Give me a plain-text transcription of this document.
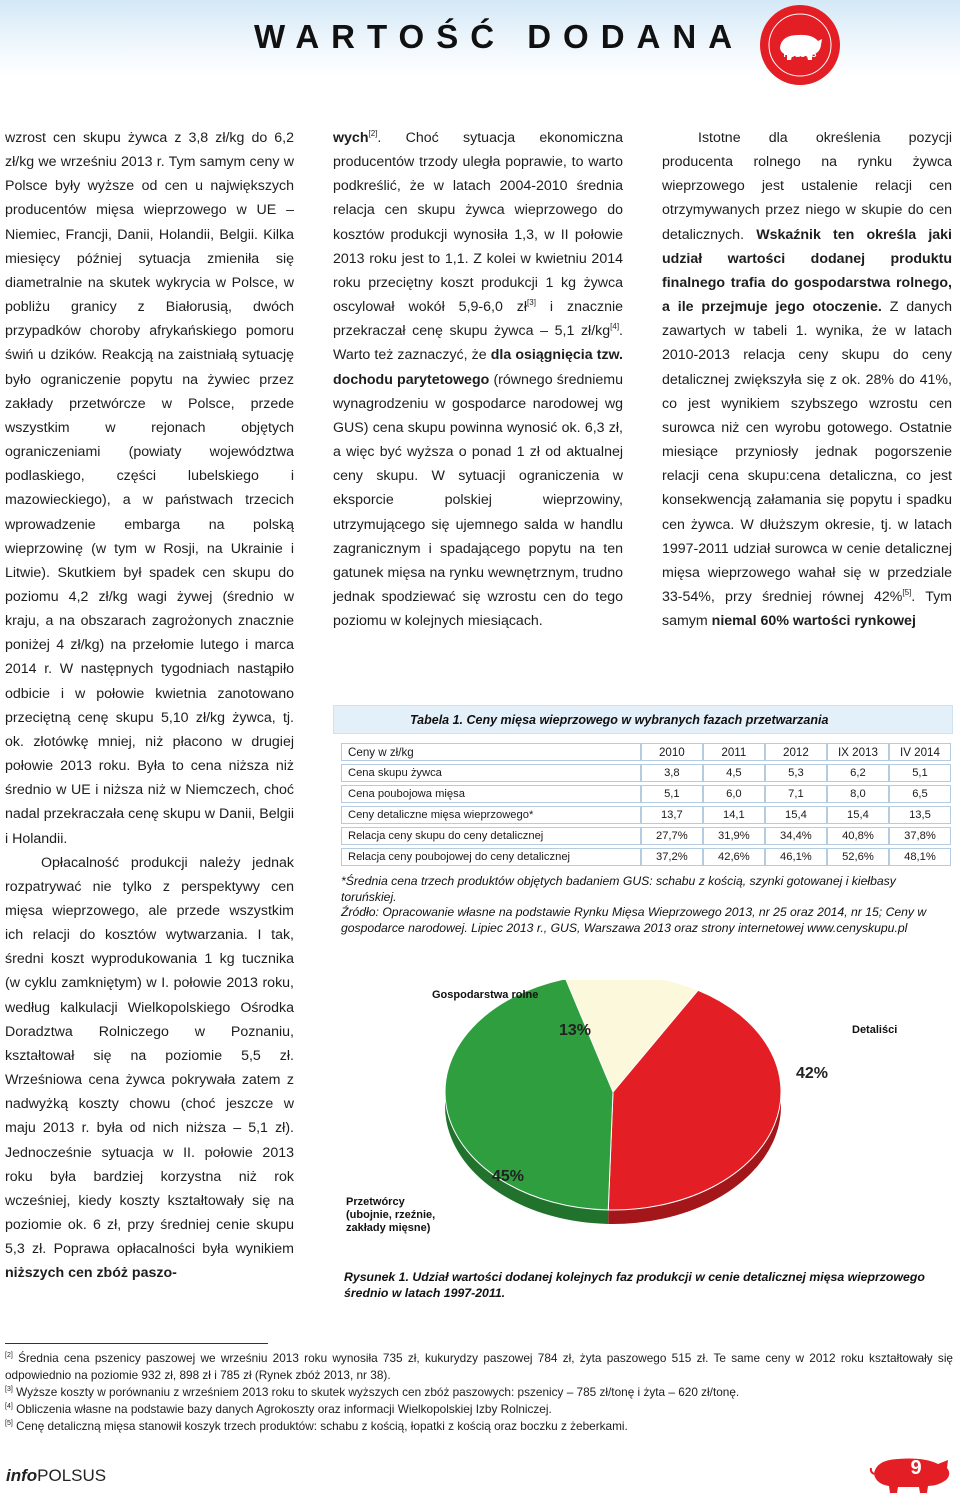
WARTOŚĆ DODANA	POLSUS

wzrost cen skupu żywca z 3,8 zł/kg do 6,2 zł/kg we wrześniu 2013 r. Tym samym ceny w Polsce były wyższe od cen u największych producentów mięsa wieprzowego w UE – Niemiec, Francji, Danii, Holandii, Belgii. Kilka miesięcy później sytuacja zmieniła się diametralnie na skutek wykrycia w Polsce, w pobliżu granicy z Białorusią, dwóch przypadków choroby afrykańskiego pomoru świń u dzików. Reakcją na zaistniałą sytuację było ograniczenie popytu na żywiec przez zakłady przetwórcze w Polsce, przede wszystkim w rejonach objętych ograniczeniami (powiaty województwa podlaskiego, części lubelskiego i mazowieckiego), a w państwach trzecich wprowadzenie embarga na polską wieprzowinę (w tym w Rosji, na Ukrainie i Litwie). Skutkiem był spadek cen skupu do poziomu 4,2 zł/kg wagi żywej (średnio w kraju, a na obszarach zagrożonych znacznie poniżej 4 zł/kg) na przełomie lutego i marca 2014 r. W następnych tygodniach nastąpiło odbicie i w połowie kwietnia zanotowano przeciętną cenę skupu 5,10 zł/kg żywca, tj. ok. złotówkę mniej, niż płacono w drugiej połowie 2013 roku. Była to cena niższa niż średnio w UE i niższa niż w Niemczech, choć nadal przekraczała cenę skupu w Danii, Belgii i Holandii.

Opłacalność produkcji należy jednak rozpatrywać nie tylko z perspektywy cen mięsa wieprzowego, ale przede wszystkim ich relacji do kosztów wytwarzania. I tak, średni koszt wyprodukowania 1 kg tucznika (w cyklu zamkniętym) w I. połowie 2013 roku, według kalkulacji Wielkopolskiego Ośrodka Doradztwa Rolniczego w Poznaniu, kształtował się na poziomie 5,5 zł. Wrześniowa cena żywca pokrywała zatem z nadwyżką koszty chowu (choć jeszcze w maju 2013 r. była od nich niższa – 5,1 zł). Jednocześnie sytuacja w II. połowie 2013 roku była bardziej korzystna niż rok wcześniej, kiedy koszty kształtowały się na poziomie ok. 6 zł, przy średniej cenie skupu 5,3 zł. Poprawa opłacalności była wynikiem niższych cen zbóż paszo-

wych[2]. Choć sytuacja ekonomiczna producentów trzody uległa poprawie, to warto podkreślić, że w latach 2004-2010 średnia relacja cen skupu żywca wieprzowego do kosztów produkcji wynosiła 1,3, w II połowie 2013 roku jest to 1,1. Z kolei w kwietniu 2014 roku przeciętny koszt produkcji 1 kg żywca oscylował wokół 5,9-6,0 zł[3] i znacznie przekraczał cenę skupu żywca – 5,1 zł/kg[4]. Warto też zaznaczyć, że dla osiągnięcia tzw. dochodu parytetowego (równego średniemu wynagrodzeniu w gospodarce narodowej wg GUS) cena skupu powinna wynosić ok. 6,3 zł, a więc być wyższa o ponad 1 zł od aktualnej ceny skupu. W sytuacji ograniczenia w eksporcie polskiej wieprzowiny, utrzymującego się ujemnego salda w handlu zagranicznym i spadającego popytu na ten gatunek mięsa na rynku wewnętrznym, trudno jednak spodziewać się wzrostu cen do tego poziomu w kolejnych miesiącach.

Istotne dla określenia pozycji producenta rolnego na rynku żywca wieprzowego jest ustalenie relacji cen otrzymywanych przez niego w skupie do cen detalicznych. Wskaźnik ten określa jaki udział wartości dodanej produktu finalnego trafia do gospodarstwa rolnego, a ile przejmuje jego otoczenie. Z danych zawartych w tabeli 1. wynika, że w latach 2010-2013 relacja ceny skupu do ceny detalicznej zwiększyła się z ok. 28% do 41%, co jest wynikiem szybszego wzrostu cen surowca niż cen wyrobu gotowego. Ostatnie miesiące przyniosły jednak pogorszenie relacji cena skupu:cena detaliczna, co jest konsekwencją załamania się popytu i spadku cen żywca. W dłuższym okresie, tj. w latach 1997-2011 udział surowca w cenie detalicznej mięsa wieprzowego wahał się w przedziale 33-54%, przy średniej równej 42%[5]. Tym samym niemal 60% wartości rynkowej

Tabela 1. Ceny mięsa wieprzowego w wybranych fazach przetwarzania
Ceny w zł/kg	2010	2011	2012	IX 2013	IV 2014
Cena skupu żywca	3,8	4,5	5,3	6,2	5,1
Cena poubojowa mięsa	5,1	6,0	7,1	8,0	6,5
Ceny detaliczne mięsa wieprzowego*	13,7	14,1	15,4	15,4	13,5
Relacja ceny skupu do ceny detalicznej	27,7%	31,9%	34,4%	40,8%	37,8%
Relacja ceny poubojowej do ceny detalicznej	37,2%	42,6%	46,1%	52,6%	48,1%

*Średnia cena trzech produktów objętych badaniem GUS: schabu z kością, szynki gotowanej i kiełbasy toruńskiej.

Źródło: Opracowanie własne na podstawie Rynku Mięsa Wieprzowego 2013, nr 25 oraz 2014, nr 15; Ceny w gospodarce narodowej. Lipiec 2013 r., GUS, Warszawa 2013 oraz strony internetowej www.cenyskupu.pl

Gospodarstwa rolne
Detaliści
Przetwórcy
(ubojnie, rzeźnie,
zakłady mięsne)
13%
42%
45%
Rysunek 1. Udział wartości dodanej kolejnych faz produkcji w cenie detalicznej mięsa wieprzowego średnio w latach 1997-2011.

[2] Średnia cena pszenicy paszowej we wrześniu 2013 roku wynosiła 735 zł, kukurydzy paszowej 784 zł, żyta paszowego 515 zł. Te same ceny w 2012 roku kształtowały się odpowiednio na poziomie 932 zł, 898 zł i 785 zł (Rynek zbóż 2013, nr 38).

[3] Wyższe koszty w porównaniu z wrześniem 2013 roku to skutek wyższych cen zbóż paszowych: pszenicy – 785 zł/tonę i żyta – 620 zł/tonę.

[4] Obliczenia własne na podstawie bazy danych Agrokoszty oraz informacji Wielkopolskiej Izby Rolniczej.

[5] Cenę detaliczną mięsa stanowił koszyk trzech produktów: schabu z kością, łopatki z kością oraz boczku z żeberkami.

infoPOLSUS	9
